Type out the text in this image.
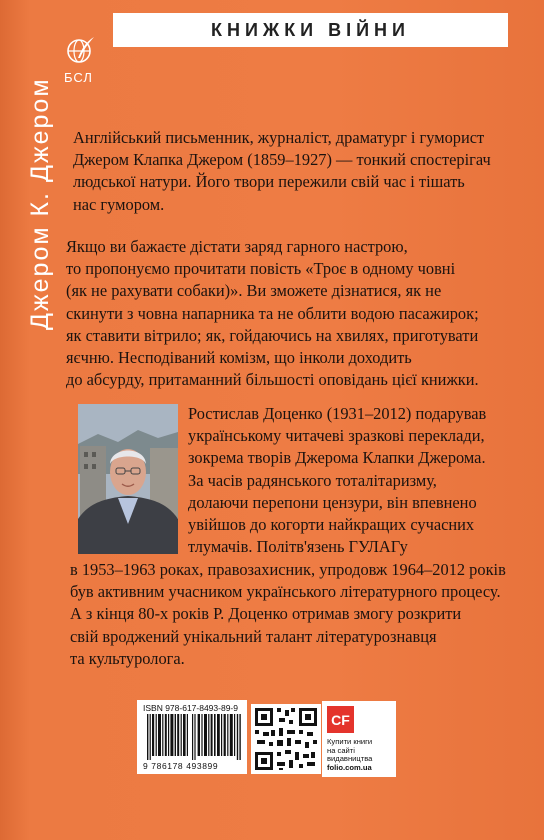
Джером К. Джером БСЛ
КНИЖКИ ВІЙНИ
Англійський письменник, журналіст, драматург і гуморист
Джером Клапка Джером (1859–1927) — тонкий спостерігач
людської натури. Його твори пережили свій час і тішать
нас гумором.
Якщо ви бажаєте дістати заряд гарного настрою,
то пропонуємо прочитати повість «Троє в одному човні
(як не рахувати собаки)». Ви зможете дізнатися, як не
скинути з човна напарника та не облити водою пасажирок;
як ставити вітрило; як, гойдаючись на хвилях, приготувати
яєчню. Несподіваний комізм, що інколи доходить
до абсурду, притаманний більшості оповідань цієї книжки.
Ростислав Доценко (1931–2012) подарував
українському читачеві зразкові переклади,
зокрема творів Джерома Клапки Джерома.
За часів радянського тоталітаризму,
долаючи перепони цензури, він впевнено
увійшов до когорти найкращих сучасних
тлумачів. Політв'язень ГУЛАГу
в 1953–1963 роках, правозахисник, упродовж 1964–2012 років
був активним учасником українського літературного процесу.
А з кінця 80-х років Р. Доценко отримав змогу розкрити
свій вроджений унікальний талант літературознавця
та культуролога.
ISBN 978-617-8493-89-9
9 786178 493899
CF
Купити книги
на сайті
видавництва
folio.com.ua
